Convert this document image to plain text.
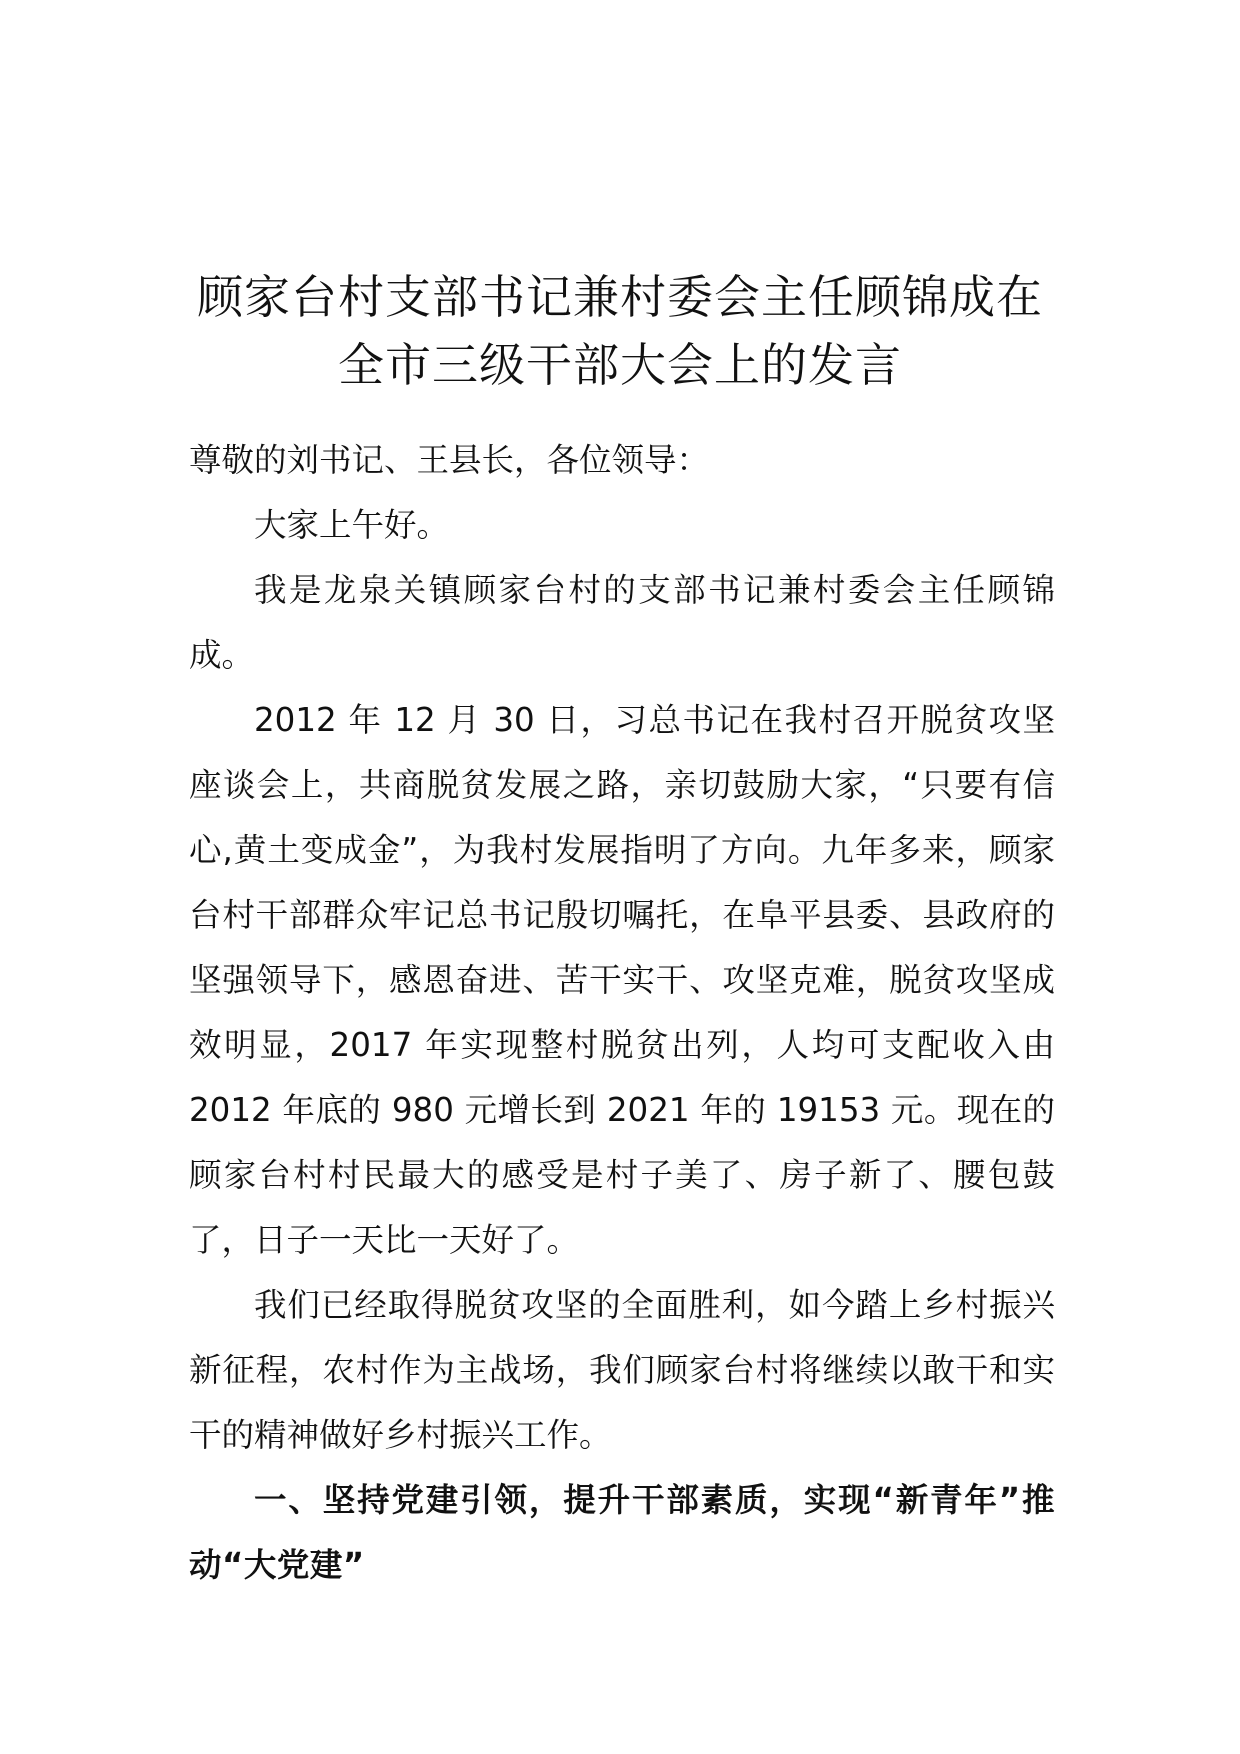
顾家台村支部书记兼村委会主任顾锦成在
全市三级干部大会上的发言

尊敬的刘书记、王县长，各位领导：

大家上午好。

我是龙泉关镇顾家台村的支部书记兼村委会主任顾锦成。

2012 年 12 月 30 日，习总书记在我村召开脱贫攻坚座谈会上，共商脱贫发展之路，亲切鼓励大家，“只要有信心,黄土变成金”，为我村发展指明了方向。九年多来，顾家台村干部群众牢记总书记殷切嘱托，在阜平县委、县政府的坚强领导下，感恩奋进、苦干实干、攻坚克难，脱贫攻坚成效明显，2017 年实现整村脱贫出列，人均可支配收入由 2012 年底的 980 元增长到 2021 年的 19153 元。现在的顾家台村村民最大的感受是村子美了、房子新了、腰包鼓了，日子一天比一天好了。

我们已经取得脱贫攻坚的全面胜利，如今踏上乡村振兴新征程，农村作为主战场，我们顾家台村将继续以敢干和实干的精神做好乡村振兴工作。

一、坚持党建引领，提升干部素质，实现“新青年”推动“大党建”
